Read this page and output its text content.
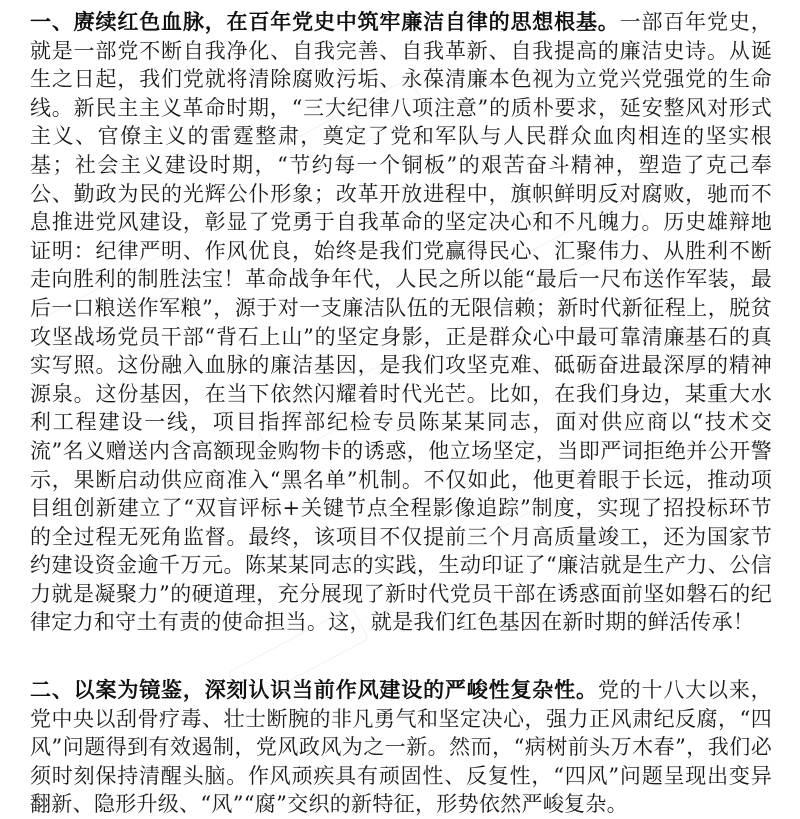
一、赓续红色血脉，在百年党史中筑牢廉洁自律的思想根基。一部百年党史，就是一部党不断自我净化、自我完善、自我革新、自我提高的廉洁史诗。从诞生之日起，我们党就将清除腐败污垢、永葆清廉本色视为立党兴党强党的生命线。新民主主义革命时期，“三大纪律八项注意”的质朴要求，延安整风对形式主义、官僚主义的雷霆整肃，奠定了党和军队与人民群众血肉相连的坚实根基；社会主义建设时期，“节约每一个铜板”的艰苦奋斗精神，塑造了克己奉公、勤政为民的光辉公仆形象；改革开放进程中，旗帜鲜明反对腐败，驰而不息推进党风建设，彰显了党勇于自我革命的坚定决心和不凡魄力。历史雄辩地证明：纪律严明、作风优良，始终是我们党赢得民心、汇聚伟力、从胜利不断走向胜利的制胜法宝！革命战争年代，人民之所以能“最后一尺布送作军装，最后一口粮送作军粮”，源于对一支廉洁队伍的无限信赖；新时代新征程上，脱贫攻坚战场党员干部“背石上山”的坚定身影，正是群众心中最可靠清廉基石的真实写照。这份融入血脉的廉洁基因，是我们攻坚克难、砥砺奋进最深厚的精神源泉。这份基因，在当下依然闪耀着时代光芒。比如，在我们身边，某重大水利工程建设一线，项目指挥部纪检专员陈某某同志，面对供应商以“技术交流”名义赠送内含高额现金购物卡的诱惑，他立场坚定，当即严词拒绝并公开警示，果断启动供应商准入“黑名单”机制。不仅如此，他更着眼于长远，推动项目组创新建立了“双盲评标+关键节点全程影像追踪”制度，实现了招投标环节的全过程无死角监督。最终，该项目不仅提前三个月高质量竣工，还为国家节约建设资金逾千万元。陈某某同志的实践，生动印证了“廉洁就是生产力、公信力就是凝聚力”的硬道理，充分展现了新时代党员干部在诱惑面前坚如磐石的纪律定力和守土有责的使命担当。这，就是我们红色基因在新时期的鲜活传承！

二、以案为镜鉴，深刻认识当前作风建设的严峻性复杂性。党的十八大以来，党中央以刮骨疗毒、壮士断腕的非凡勇气和坚定决心，强力正风肃纪反腐，“四风”问题得到有效遏制，党风政风为之一新。然而，“病树前头万木春”，我们必须时刻保持清醒头脑。作风顽疾具有顽固性、反复性，“四风”问题呈现出变异翻新、隐形升级、“风”“腐”交织的新特征，形势依然严峻复杂。
